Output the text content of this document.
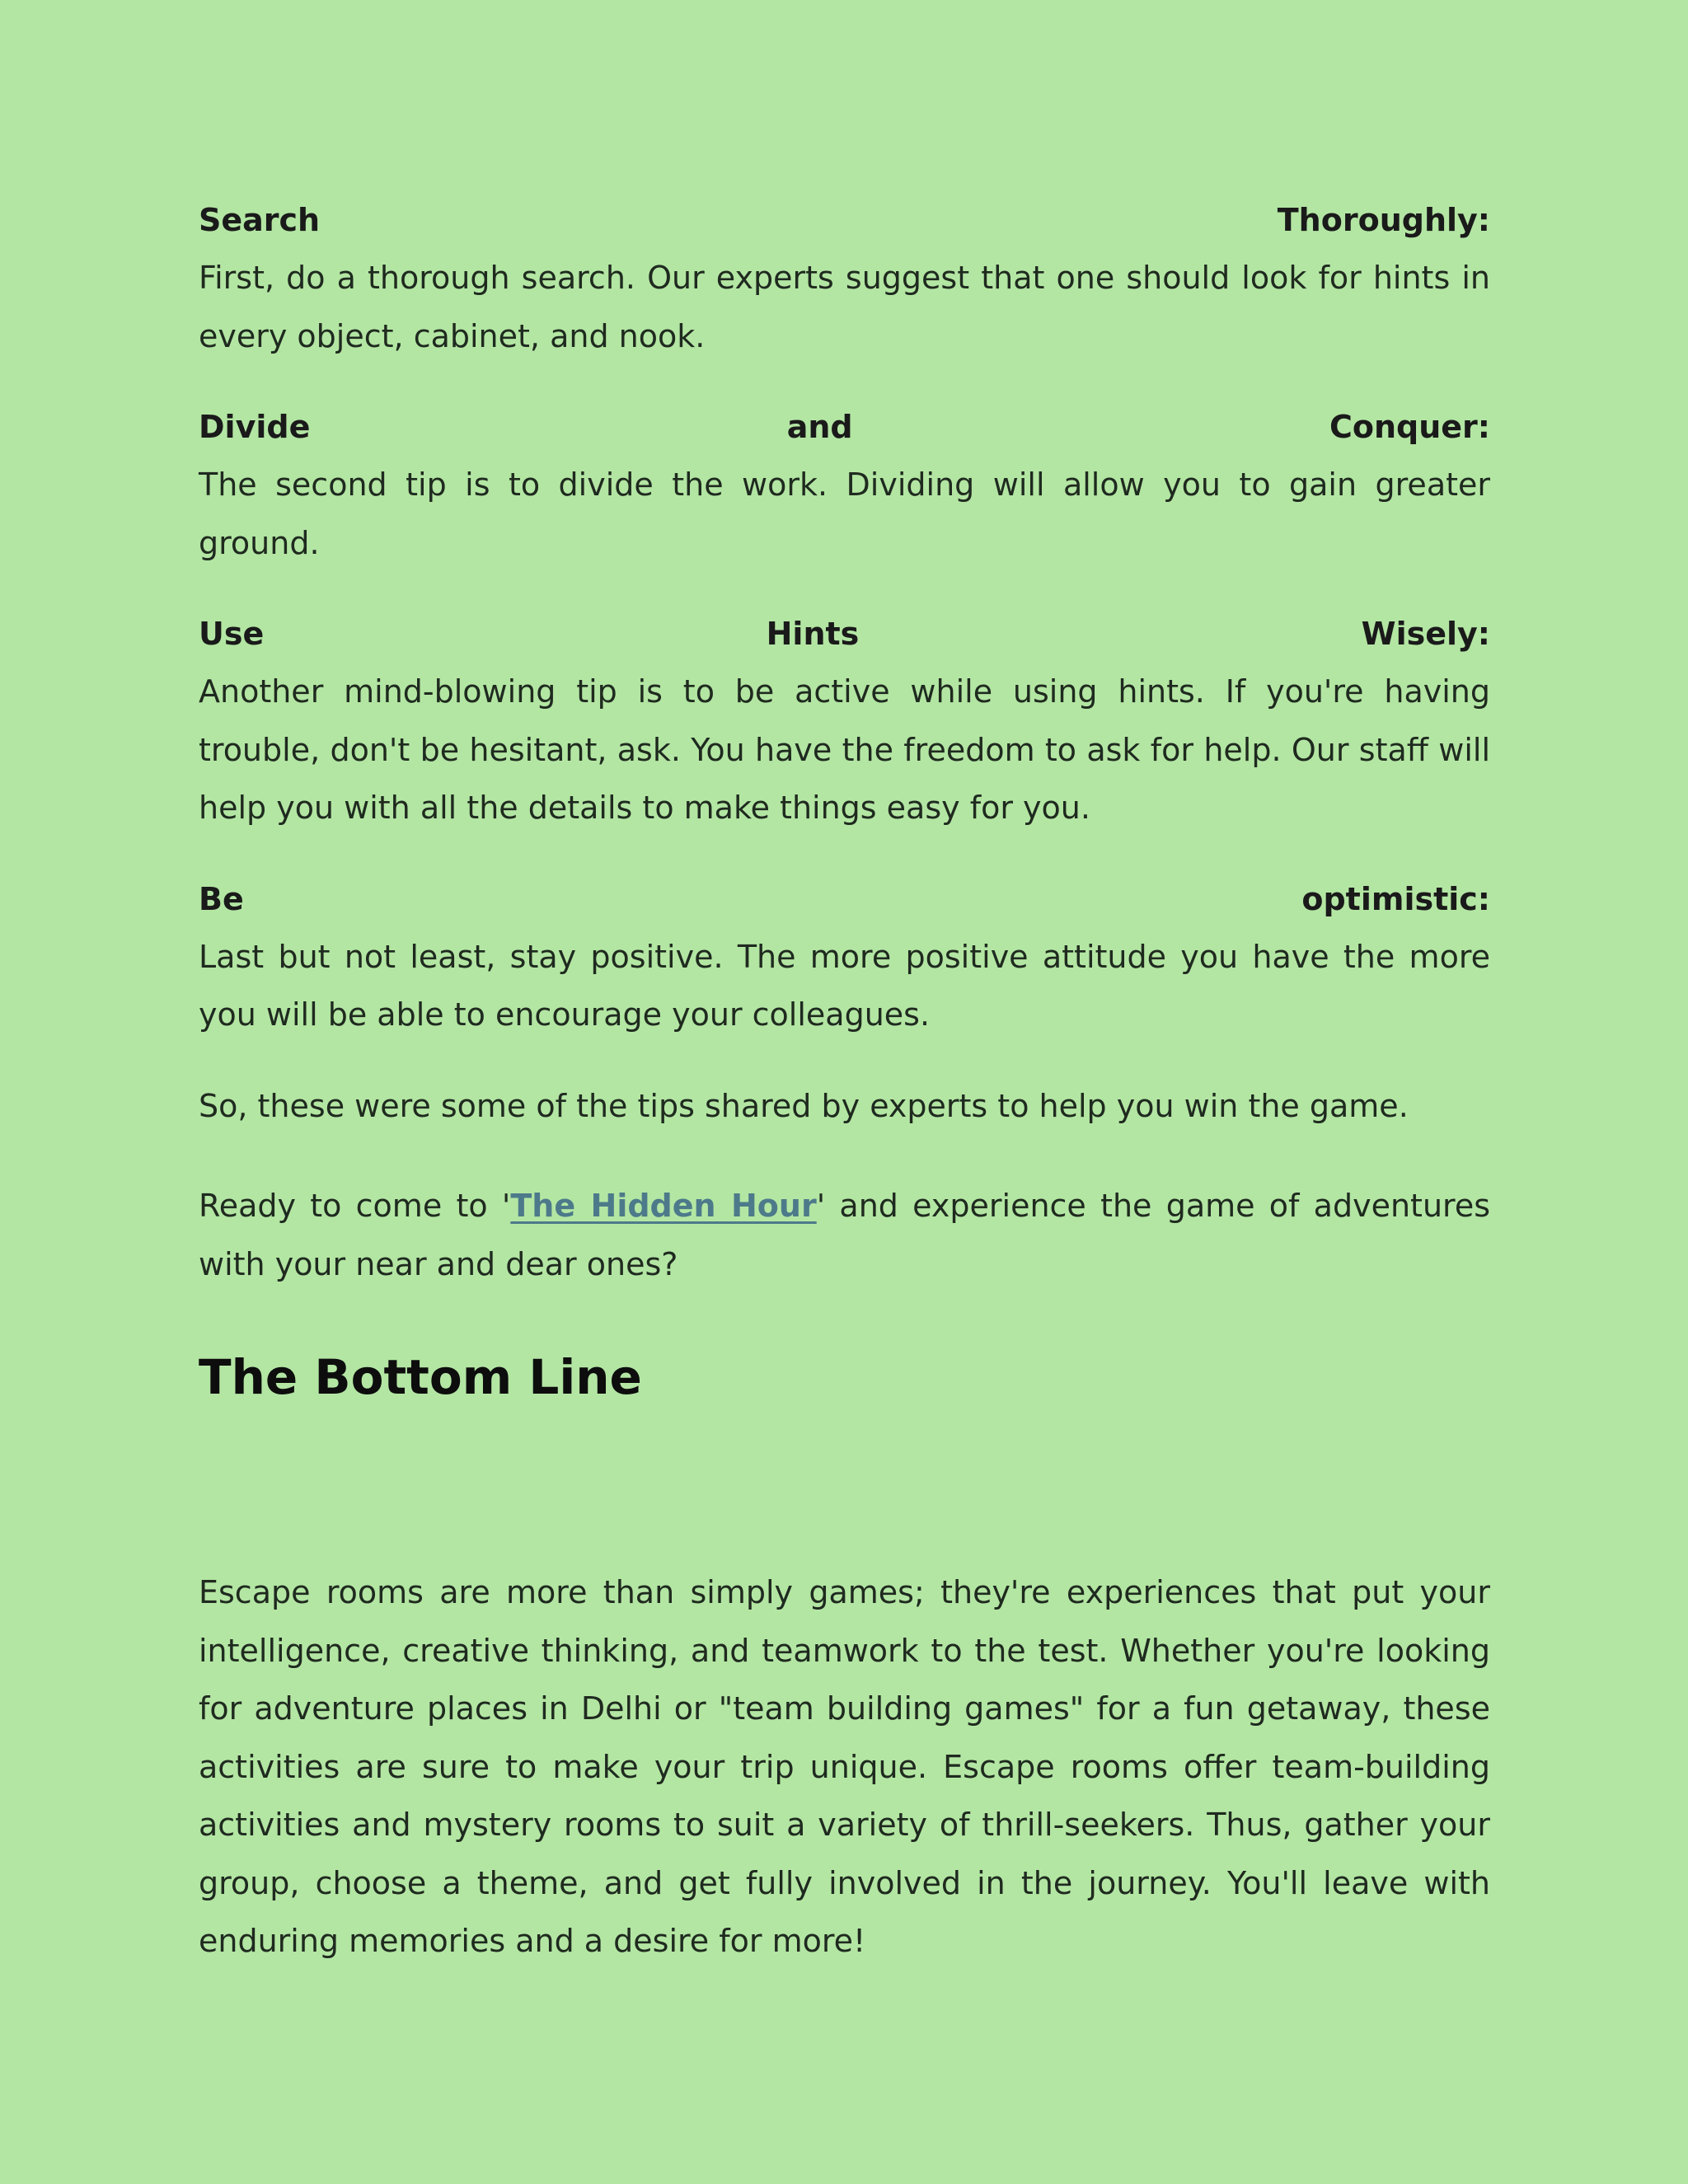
Search	Thoroughly:

First, do a thorough search. Our experts suggest that one should look for hints in every object, cabinet, and nook.

Divide	and	Conquer:

The second tip is to divide the work. Dividing will allow you to gain greater ground.

Use	Hints	Wisely:

Another mind-blowing tip is to be active while using hints. If you're having trouble, don't be hesitant, ask. You have the freedom to ask for help. Our staff will help you with all the details to make things easy for you.

Be	optimistic:

Last but not least, stay positive. The more positive attitude you have the more you will be able to encourage your colleagues.

So, these were some of the tips shared by experts to help you win the game.

Ready to come to 'The Hidden Hour' and experience the game of adventures with your near and dear ones?

The Bottom Line

Escape rooms are more than simply games; they're experiences that put your intelligence, creative thinking, and teamwork to the test. Whether you're looking for adventure places in Delhi or "team building games" for a fun getaway, these activities are sure to make your trip unique. Escape rooms offer team-building activities and mystery rooms to suit a variety of thrill-seekers. Thus, gather your group, choose a theme, and get fully involved in the journey. You'll leave with enduring memories and a desire for more!
